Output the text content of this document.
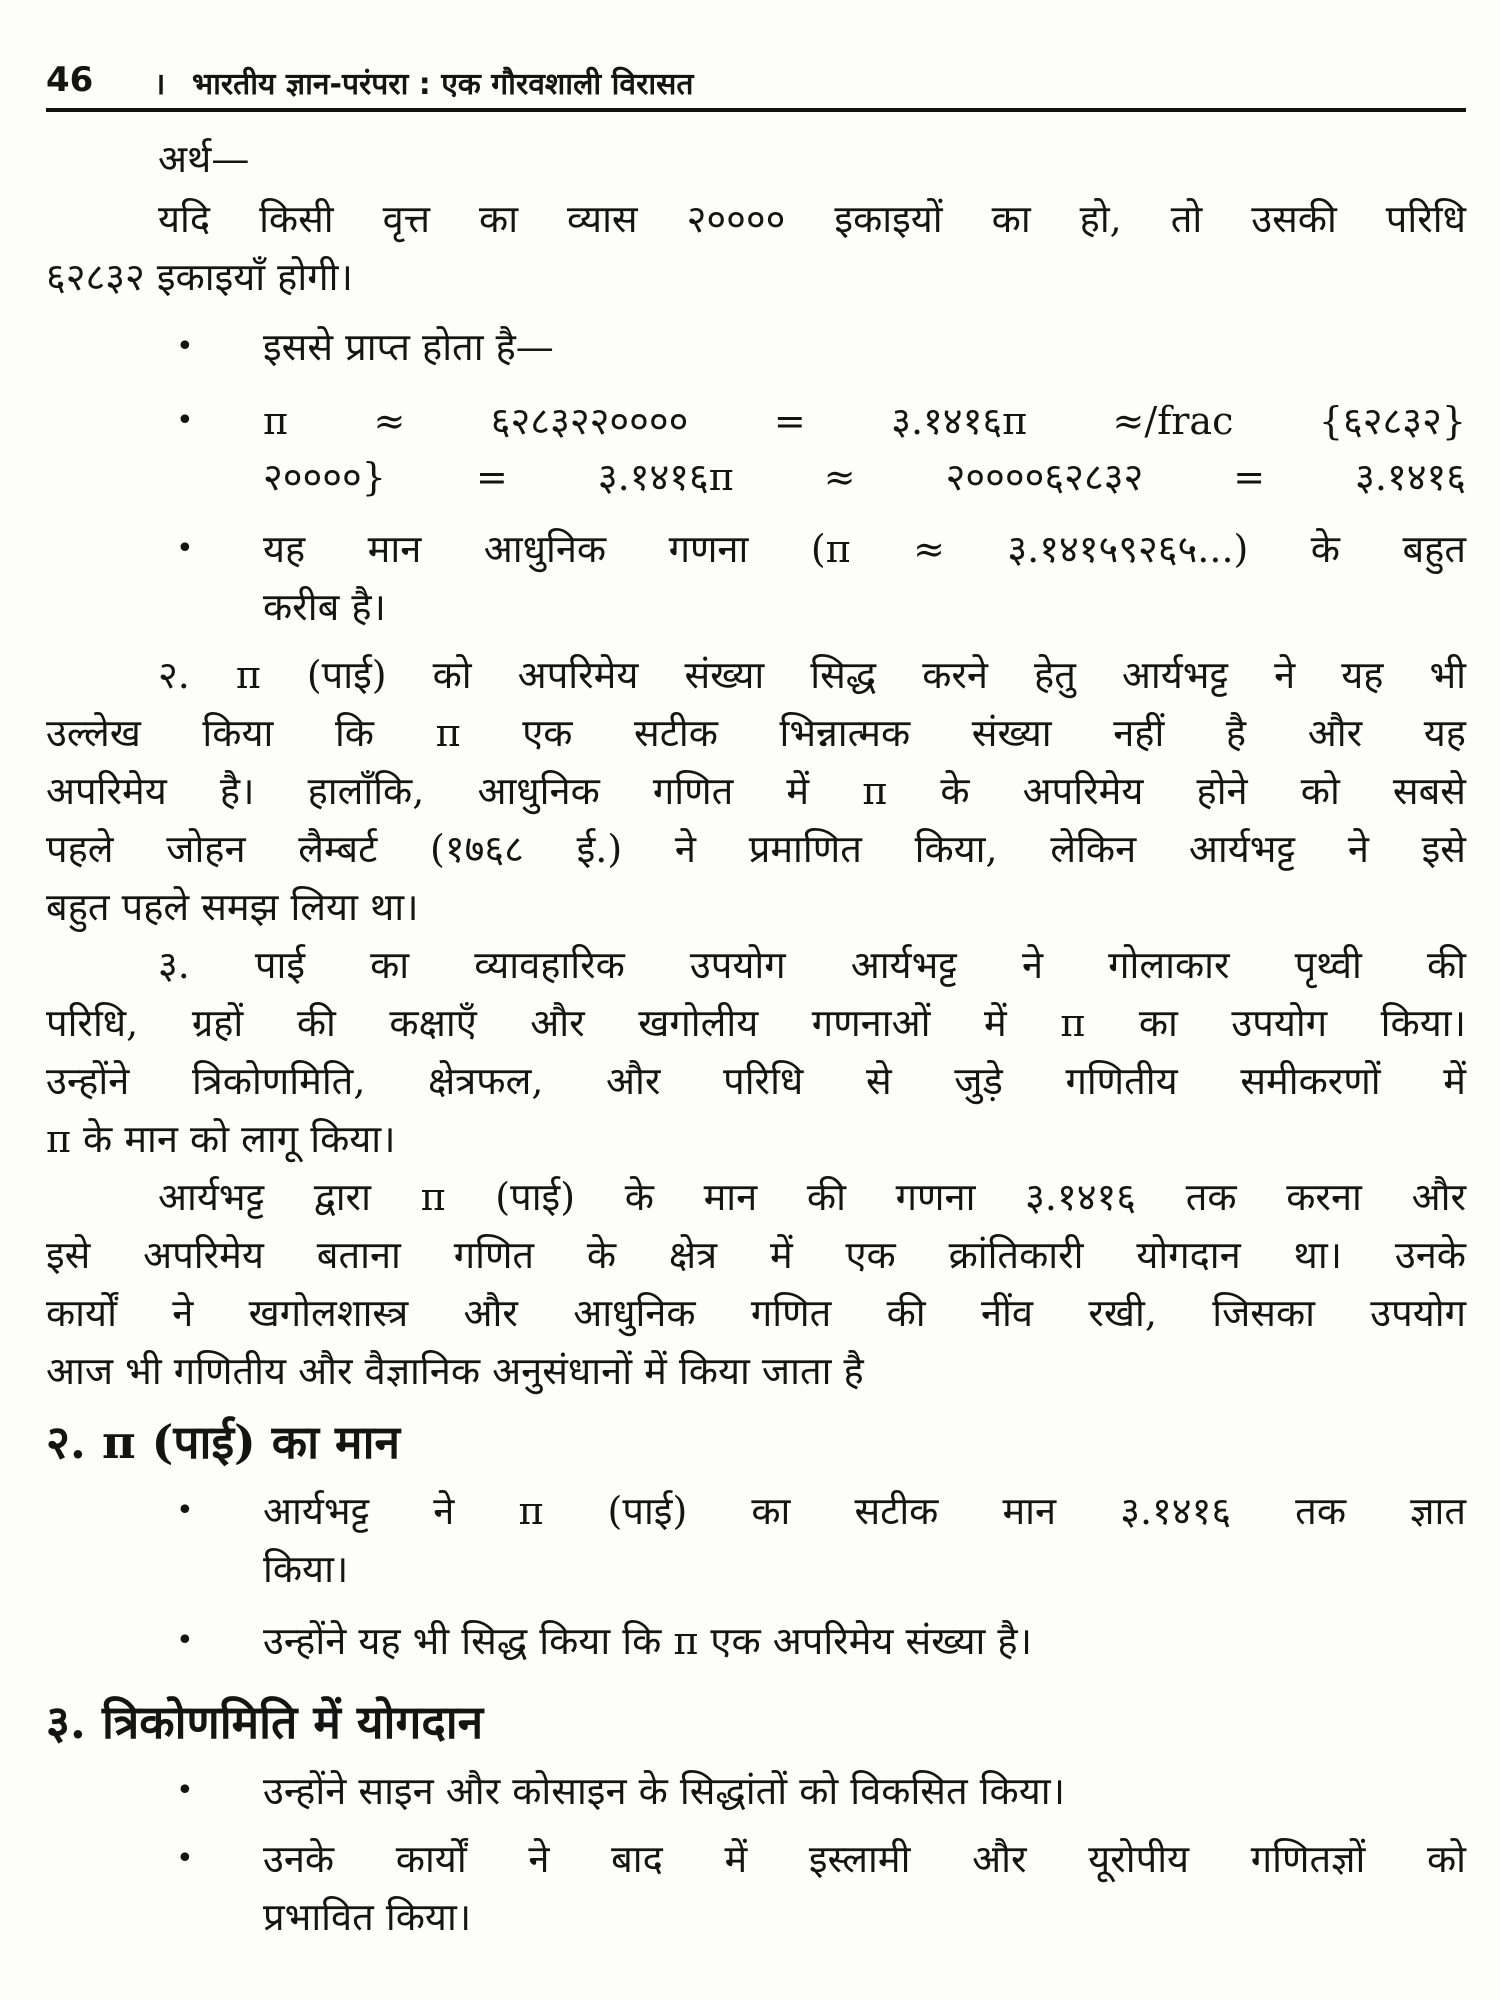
46 । भारतीय ज्ञान-परंपरा : एक गौरवशाली विरासत
अर्थ—
यदि किसी वृत्त का व्यास २०००० इकाइयों का हो, तो उसकी परिधि
६२८३२ इकाइयाँ होगी।
•	इससे प्राप्त होता है—
•	π ≈ ६२८३२२०००० = ३.१४१६π ≈/frac {६२८३२}
२००००} = ३.१४१६π ≈ २००००६२८३२ = ३.१४१६
•	यह मान आधुनिक गणना (π ≈ ३.१४१५९२६५...) के बहुत
करीब है।
२. π (पाई) को अपरिमेय संख्या सिद्ध करने हेतु आर्यभट्ट ने यह भी
उल्लेख किया कि π एक सटीक भिन्नात्मक संख्या नहीं है और यह
अपरिमेय है। हालाँकि, आधुनिक गणित में π के अपरिमेय होने को सबसे
पहले जोहन लैम्बर्ट (१७६८ ई.) ने प्रमाणित किया, लेकिन आर्यभट्ट ने इसे
बहुत पहले समझ लिया था।
३. पाई का व्यावहारिक उपयोग आर्यभट्ट ने गोलाकार पृथ्वी की
परिधि, ग्रहों की कक्षाएँ और खगोलीय गणनाओं में π का उपयोग किया।
उन्होंने त्रिकोणमिति, क्षेत्रफल, और परिधि से जुड़े गणितीय समीकरणों में
π के मान को लागू किया।
आर्यभट्ट द्वारा π (पाई) के मान की गणना ३.१४१६ तक करना और
इसे अपरिमेय बताना गणित के क्षेत्र में एक क्रांतिकारी योगदान था। उनके
कार्यों ने खगोलशास्त्र और आधुनिक गणित की नींव रखी, जिसका उपयोग
आज भी गणितीय और वैज्ञानिक अनुसंधानों में किया जाता है
२. π (पाई) का मान
•	आर्यभट्ट ने π (पाई) का सटीक मान ३.१४१६ तक ज्ञात
किया।
•	उन्होंने यह भी सिद्ध किया कि π एक अपरिमेय संख्या है।
३. त्रिकोणमिति में योगदान
•	उन्होंने साइन और कोसाइन के सिद्धांतों को विकसित किया।
•	उनके कार्यों ने बाद में इस्लामी और यूरोपीय गणितज्ञों को
प्रभावित किया।
